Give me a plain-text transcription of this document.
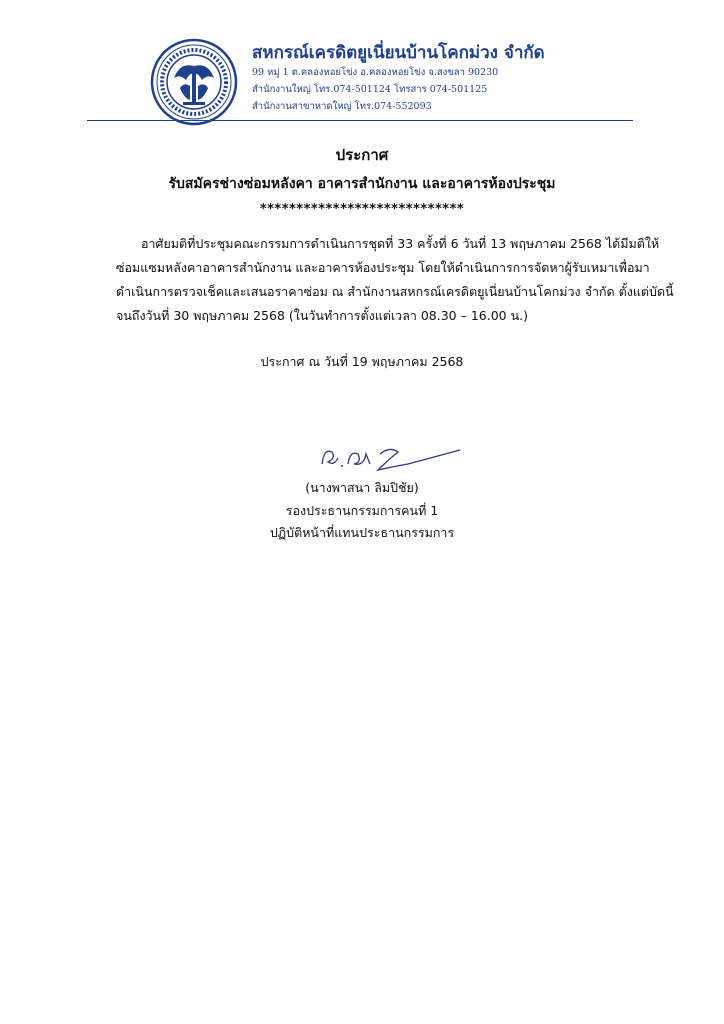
สหกรณ์เครดิตยูเนี่ยนบ้านโคกม่วง จำกัด
99 หมู่ 1 ต.คลองหอยโข่ง อ.คลองหอยโข่ง จ.สงขลา 90230
สำนักงานใหญ่ โทร.074-501124 โทรสาร 074-501125
สำนักงานสาขาหาดใหญ่ โทร.074-552093
ประกาศ
รับสมัครช่างซ่อมหลังคา อาคารสำนักงาน และอาคารห้องประชุม
****************************
อาศัยมติที่ประชุมคณะกรรมการดำเนินการชุดที่ 33 ครั้งที่ 6 วันที่ 13 พฤษภาคม 2568 ได้มีมติให้
ซ่อมแซมหลังคาอาคารสำนักงาน และอาคารห้องประชุม โดยให้ดำเนินการการจัดหาผู้รับเหมาเพื่อมา
ดำเนินการตรวจเช็คและเสนอราคาซ่อม ณ สำนักงานสหกรณ์เครดิตยูเนี่ยนบ้านโคกม่วง จำกัด ตั้งแต่บัดนี้
จนถึงวันที่ 30 พฤษภาคม 2568 (ในวันทำการตั้งแต่เวลา 08.30 – 16.00 น.)
ประกาศ ณ วันที่ 19 พฤษภาคม 2568
(นางพาสนา ลิมปิชัย)
รองประธานกรรมการคนที่ 1
ปฏิบัติหน้าที่แทนประธานกรรมการ
